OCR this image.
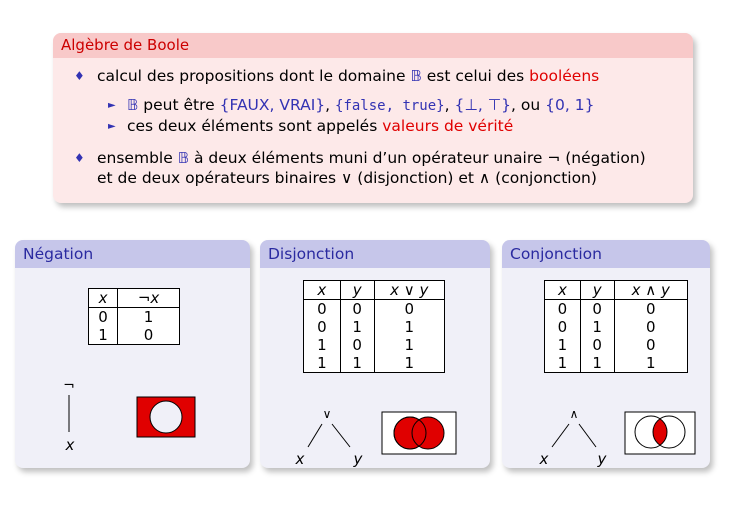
Algèbre de Boole
♦ calcul des propositions dont le domaine 𝔹 est celui des booléens
► 𝔹 peut être {FAUX, VRAI}, {false, true}, {⊥, ⊤}, ou {0, 1}
► ces deux éléments sont appelés valeurs de vérité
♦ ensemble 𝔹 à deux éléments muni d’un opérateur unaire ¬ (négation)
et de deux opérateurs binaires ∨ (disjonction) et ∧ (conjonction)
Négation
x	¬x
0	1
1	0
¬
x
Disjonction
x	y	x ∨ y
0	0	0
0	1	1
1	0	1
1	1	1
∨
x	y
Conjonction
x	y	x ∧ y
0	0	0
0	1	0
1	0	0
1	1	1
∧
x	y
